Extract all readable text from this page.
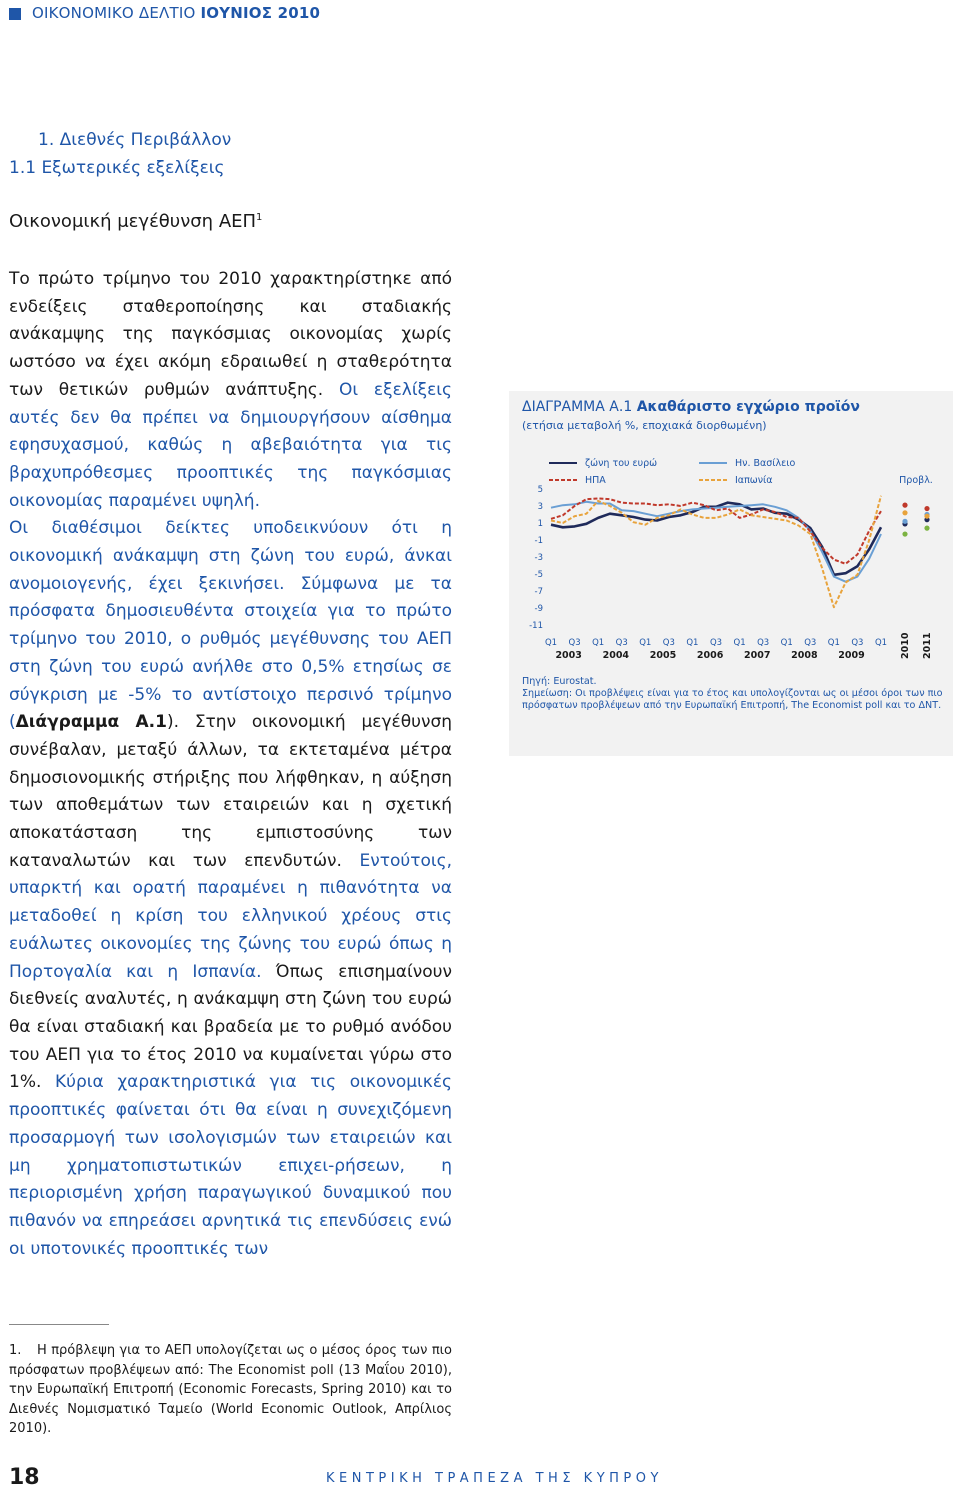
ΟΙΚΟΝΟΜΙΚΟ ΔΕΛΤΙΟ ΙΟΥΝΙΟΣ 2010
1. Διεθνές Περιβάλλον
1.1 Εξωτερικές εξελίξεις
Οικονομική μεγέθυνση ΑΕΠ$^1$

Το πρώτο τρίμηνο του 2010 χαρακτηρίστηκε από ενδείξεις σταθεροποίησης και σταδιακής ανάκαμψης της παγκόσμιας οικονομίας χωρίς ωστόσο να έχει ακόμη εδραιωθεί η σταθερότητα των θετικών ρυθμών ανάπτυξης. Οι εξελίξεις αυτές δεν θα πρέπει να δημιουργήσουν αίσθημα εφησυχασμού, καθώς η αβεβαιότητα για τις βραχυπρόθεσμες προοπτικές της παγκόσμιας οικονομίας παραμένει υψηλή.

Οι διαθέσιμοι δείκτες υποδεικνύουν ότι η οικονομική ανάκαμψη στη ζώνη του ευρώ, άνκαι ανομοιογενής, έχει ξεκινήσει. Σύμφωνα με τα πρόσφατα δημοσιευθέντα στοιχεία για το πρώτο τρίμηνο του 2010, ο ρυθμός μεγέθυνσης του ΑΕΠ στη ζώνη του ευρώ ανήλθε στο 0,5% ετησίως σε σύγκριση με -5% το αντίστοιχο περσινό τρίμηνο (Διάγραμμα Α.1). Στην οικονομική μεγέθυνση συνέβαλαν, μεταξύ άλλων, τα εκτεταμένα μέτρα δημοσιονομικής στήριξης που λήφθηκαν, η αύξηση των αποθεμάτων των εταιρειών και η σχετική αποκατάσταση της εμπιστοσύνης των καταναλωτών και των επενδυτών. Εντούτοις, υπαρκτή και ορατή παραμένει η πιθανότητα να μεταδοθεί η κρίση του ελληνικού χρέους στις ευάλωτες οικονομίες της ζώνης του ευρώ όπως η Πορτογαλία και η Ισπανία. Όπως επισημαίνουν διεθνείς αναλυτές, η ανάκαμψη στη ζώνη του ευρώ θα είναι σταδιακή και βραδεία με το ρυθμό ανόδου του ΑΕΠ για το έτος 2010 να κυμαίνεται γύρω στο 1%. Κύρια χαρακτηριστικά για τις οικονομικές προοπτικές φαίνεται ότι θα είναι η συνεχιζόμενη προσαρμογή των ισολογισμών των εταιρειών και μη χρηματοπιστωτικών επιχει-ρήσεων, η περιορισμένη χρήση παραγωγικού δυναμικού που πιθανόν να επηρεάσει αρνητικά τις επενδύσεις ενώ οι υποτονικές προοπτικές των

ΔΙΑΓΡΑΜΜΑ Α.1 Ακαθάριστο εγχώριο προϊόν
(ετήσια μεταβολή %, εποχιακά διορθωμένη)
5
3
1
-1
-3
-5
-7
-9
-11
Q1 Q3 Q1 Q3 Q1 Q3 Q1 Q3 Q1 Q3 Q1 Q3 Q1 Q3 Q1
2003 2004 2005 2006 2007 2008 2009	2010 2011
Προβλ.
ζώνη του ευρώ	Ην. Βασίλειο
ΗΠΑ	Ιαπωνία
Πηγή: Eurostat.
Σημείωση: Οι προβλέψεις είναι για το έτος και υπολογίζονται ως οι μέσοι όροι των πιο πρόσφατων προβλέψεων από την Ευρωπαϊκή Επιτροπή, The Economist poll και το ΔΝΤ.
1. Η πρόβλεψη για το ΑΕΠ υπολογίζεται ως ο μέσος όρος των πιο πρόσφατων προβλέψεων από: The Economist poll (13 Μαΐου 2010), την Ευρωπαϊκή Επιτροπή (Economic Forecasts, Spring 2010) και το Διεθνές Νομισματικό Ταμείο (World Economic Outlook, Απρίλιος 2010).
18	ΚΕΝΤΡΙΚΗ ΤΡΑΠΕΖΑ ΤΗΣ ΚΥΠΡΟΥ
